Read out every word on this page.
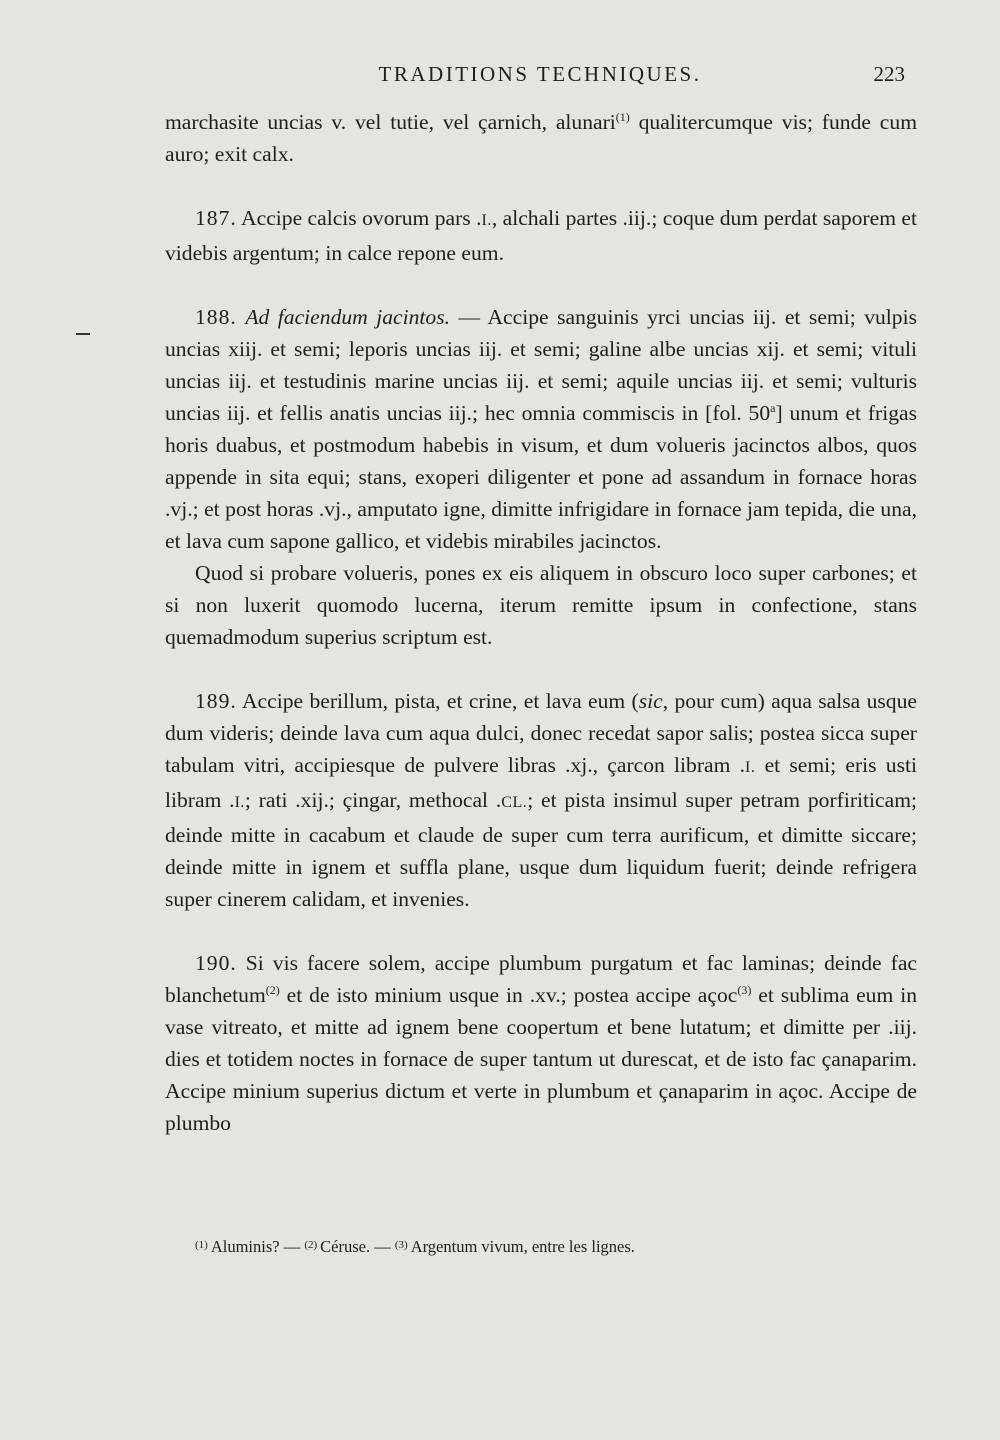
TRADITIONS TECHNIQUES.	223

marchasite uncias v. vel tutie, vel çarnich, alunari$^{(1)}$ qualitercumque vis; funde cum auro; exit calx.

187. Accipe calcis ovorum pars .I., alchali partes .iij.; coque dum perdat saporem et videbis argentum; in calce repone eum.

188. Ad faciendum jacintos. — Accipe sanguinis yrci uncias iij. et semi; vulpis uncias xiij. et semi; leporis uncias iij. et semi; galine albe uncias xij. et semi; vituli uncias iij. et testudinis marine uncias iij. et semi; aquile uncias iij. et semi; vulturis uncias iij. et fellis anatis uncias iij.; hec omnia commiscis in [fol. 50$^a$] unum et frigas horis duabus, et postmodum habebis in visum, et dum volueris jacinctos albos, quos appende in sita equi; stans, exoperi diligenter et pone ad assandum in fornace horas .vj.; et post horas .vj., amputato igne, dimitte infrigidare in fornace jam tepida, die una, et lava cum sapone gallico, et videbis mirabiles jacinctos.

Quod si probare volueris, pones ex eis aliquem in obscuro loco super carbones; et si non luxerit quomodo lucerna, iterum remitte ipsum in confectione, stans quemadmodum superius scriptum est.

189. Accipe berillum, pista, et crine, et lava eum (sic, pour cum) aqua salsa usque dum videris; deinde lava cum aqua dulci, donec recedat sapor salis; postea sicca super tabulam vitri, accipiesque de pulvere libras .xj., çarcon libram .I. et semi; eris usti libram .I.; rati .xij.; çingar, methocal .CL.; et pista insimul super petram porfiriticam; deinde mitte in cacabum et claude de super cum terra aurificum, et dimitte siccare; deinde mitte in ignem et suffla plane, usque dum liquidum fuerit; deinde refrigera super cinerem calidam, et invenies.

190. Si vis facere solem, accipe plumbum purgatum et fac laminas; deinde fac blanchetum$^{(2)}$ et de isto minium usque in .xv.; postea accipe açoc$^{(3)}$ et sublima eum in vase vitreato, et mitte ad ignem bene coopertum et bene lutatum; et dimitte per .iij. dies et totidem noctes in fornace de super tantum ut durescat, et de isto fac çanaparim. Accipe minium superius dictum et verte in plumbum et çanaparim in açoc. Accipe de plumbo

$^{(1)}$ Aluminis? — $^{(2)}$ Céruse. — $^{(3)}$ Argentum vivum, entre les lignes.
